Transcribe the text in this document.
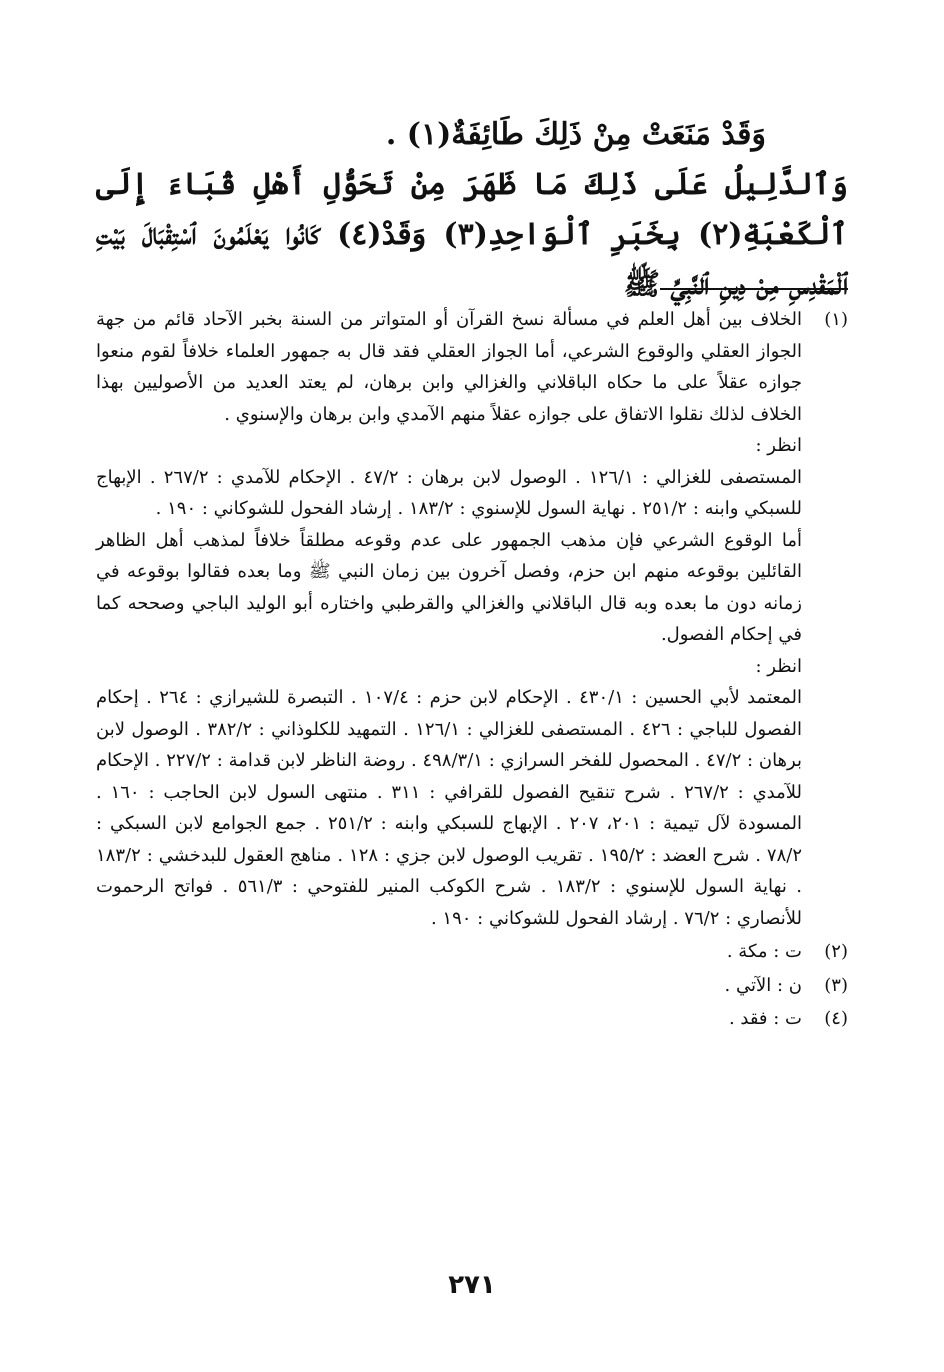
وَقَدْ مَنَعَتْ مِنْ ذَلِكَ طَائِفَةٌ(١) .

وَٱلدَّلِيلُ عَلَى ذَلِكَ مَا ظَهَرَ مِنْ تَحَوُّلِ أَهْلِ قُبَاءَ إِلَى ٱلْكَعْبَةِ(٢) بِخَبَرِ ٱلْوَاحِدِ(٣) وَقَدْ(٤) كَانُوا يَعْلَمُونَ ٱسْتِقْبَالَ بَيْتِ ٱلْمَقْدِسِ مِنْ دِينِ ٱلنَّبِيِّ ﷺ

(١)

الخلاف بين أهل العلم في مسألة نسخ القرآن أو المتواتر من السنة بخبر الآحاد قائم من جهة الجواز العقلي والوقوع الشرعي، أما الجواز العقلي فقد قال به جمهور العلماء خلافاً لقوم منعوا جوازه عقلاً على ما حكاه الباقلاني والغزالي وابن برهان، لم يعتد العديد من الأصوليين بهذا الخلاف لذلك نقلوا الاتفاق على جوازه عقلاً منهم الآمدي وابن برهان والإسنوي .

انظر :

المستصفى للغزالي : ١٢٦/١ . الوصول لابن برهان : ٤٧/٢ . الإحكام للآمدي : ٢٦٧/٢ . الإبهاج للسبكي وابنه : ٢٥١/٢ . نهاية السول للإسنوي : ١٨٣/٢ . إرشاد الفحول للشوكاني : ١٩٠ .

أما الوقوع الشرعي فإن مذهب الجمهور على عدم وقوعه مطلقاً خلافاً لمذهب أهل الظاهر القائلين بوقوعه منهم ابن حزم، وفصل آخرون بين زمان النبي ﷺ وما بعده فقالوا بوقوعه في زمانه دون ما بعده وبه قال الباقلاني والغزالي والقرطبي واختاره أبو الوليد الباجي وصححه كما في إحكام الفصول.

انظر :

المعتمد لأبي الحسين : ٤٣٠/١ . الإحكام لابن حزم : ١٠٧/٤ . التبصرة للشيرازي : ٢٦٤ . إحكام الفصول للباجي : ٤٢٦ . المستصفى للغزالي : ١٢٦/١ . التمهيد للكلوذاني : ٣٨٢/٢ . الوصول لابن برهان : ٤٧/٢ . المحصول للفخر السرازي : ٤٩٨/٣/١ . روضة الناظر لابن قدامة : ٢٢٧/٢ . الإحكام للآمدي : ٢٦٧/٢ . شرح تنقيح الفصول للقرافي : ٣١١ . منتهى السول لابن الحاجب : ١٦٠ . المسودة لآل تيمية : ٢٠١، ٢٠٧ . الإبهاج للسبكي وابنه : ٢٥١/٢ . جمع الجوامع لابن السبكي : ٧٨/٢ . شرح العضد : ١٩٥/٢ . تقريب الوصول لابن جزي : ١٢٨ . مناهج العقول للبدخشي : ١٨٣/٢ . نهاية السول للإسنوي : ١٨٣/٢ . شرح الكوكب المنير للفتوحي : ٥٦١/٣ . فواتح الرحموت للأنصاري : ٧٦/٢ . إرشاد الفحول للشوكاني : ١٩٠ .

(٢)

ت : مكة .

(٣)

ن : الآتي .

(٤)

ت : فقد .

٢٧١
